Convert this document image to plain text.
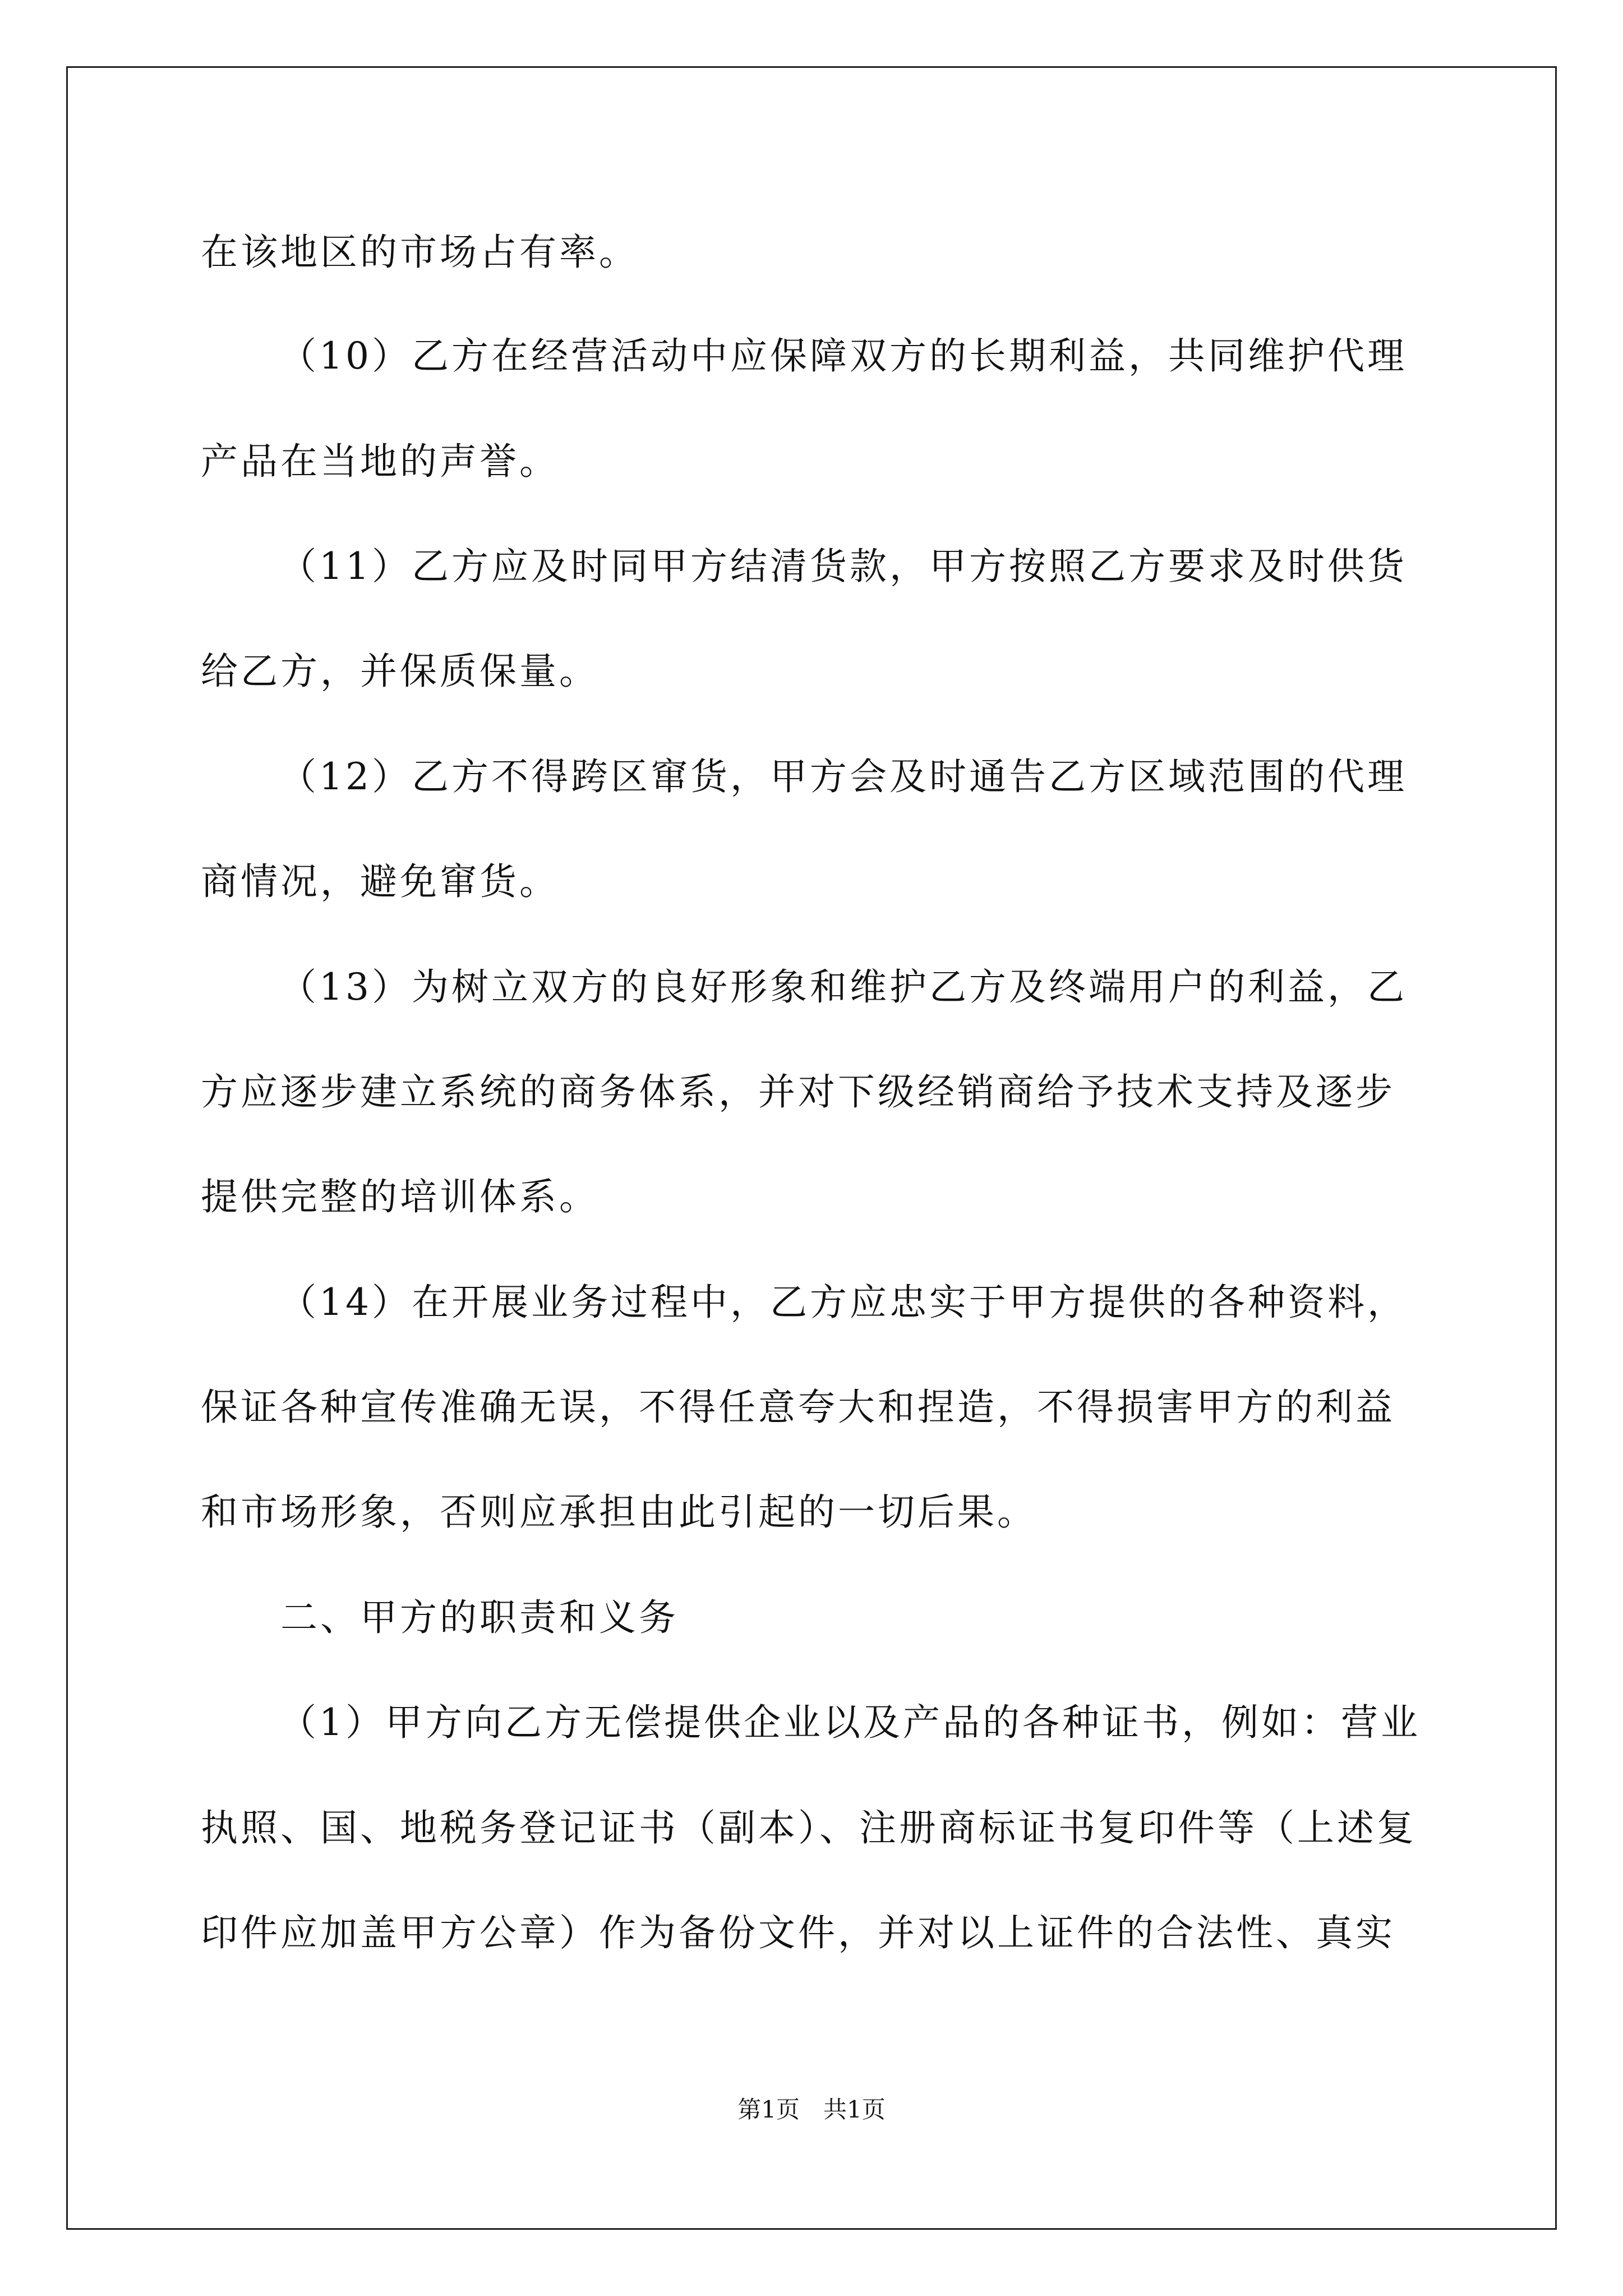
在该地区的市场占有率。
（10）乙方在经营活动中应保障双方的长期利益，共同维护代理
产品在当地的声誉。
（11）乙方应及时同甲方结清货款，甲方按照乙方要求及时供货
给乙方，并保质保量。
（12）乙方不得跨区窜货，甲方会及时通告乙方区域范围的代理
商情况，避免窜货。
（13）为树立双方的良好形象和维护乙方及终端用户的利益，乙
方应逐步建立系统的商务体系，并对下级经销商给予技术支持及逐步
提供完整的培训体系。
（14）在开展业务过程中，乙方应忠实于甲方提供的各种资料，
保证各种宣传准确无误，不得任意夸大和捏造，不得损害甲方的利益
和市场形象，否则应承担由此引起的一切后果。
二、甲方的职责和义务
（1）甲方向乙方无偿提供企业以及产品的各种证书，例如：营业
执照、国、地税务登记证书（副本）、注册商标证书复印件等（上述复
印件应加盖甲方公章）作为备份文件，并对以上证件的合法性、真实
第1页　共1页
